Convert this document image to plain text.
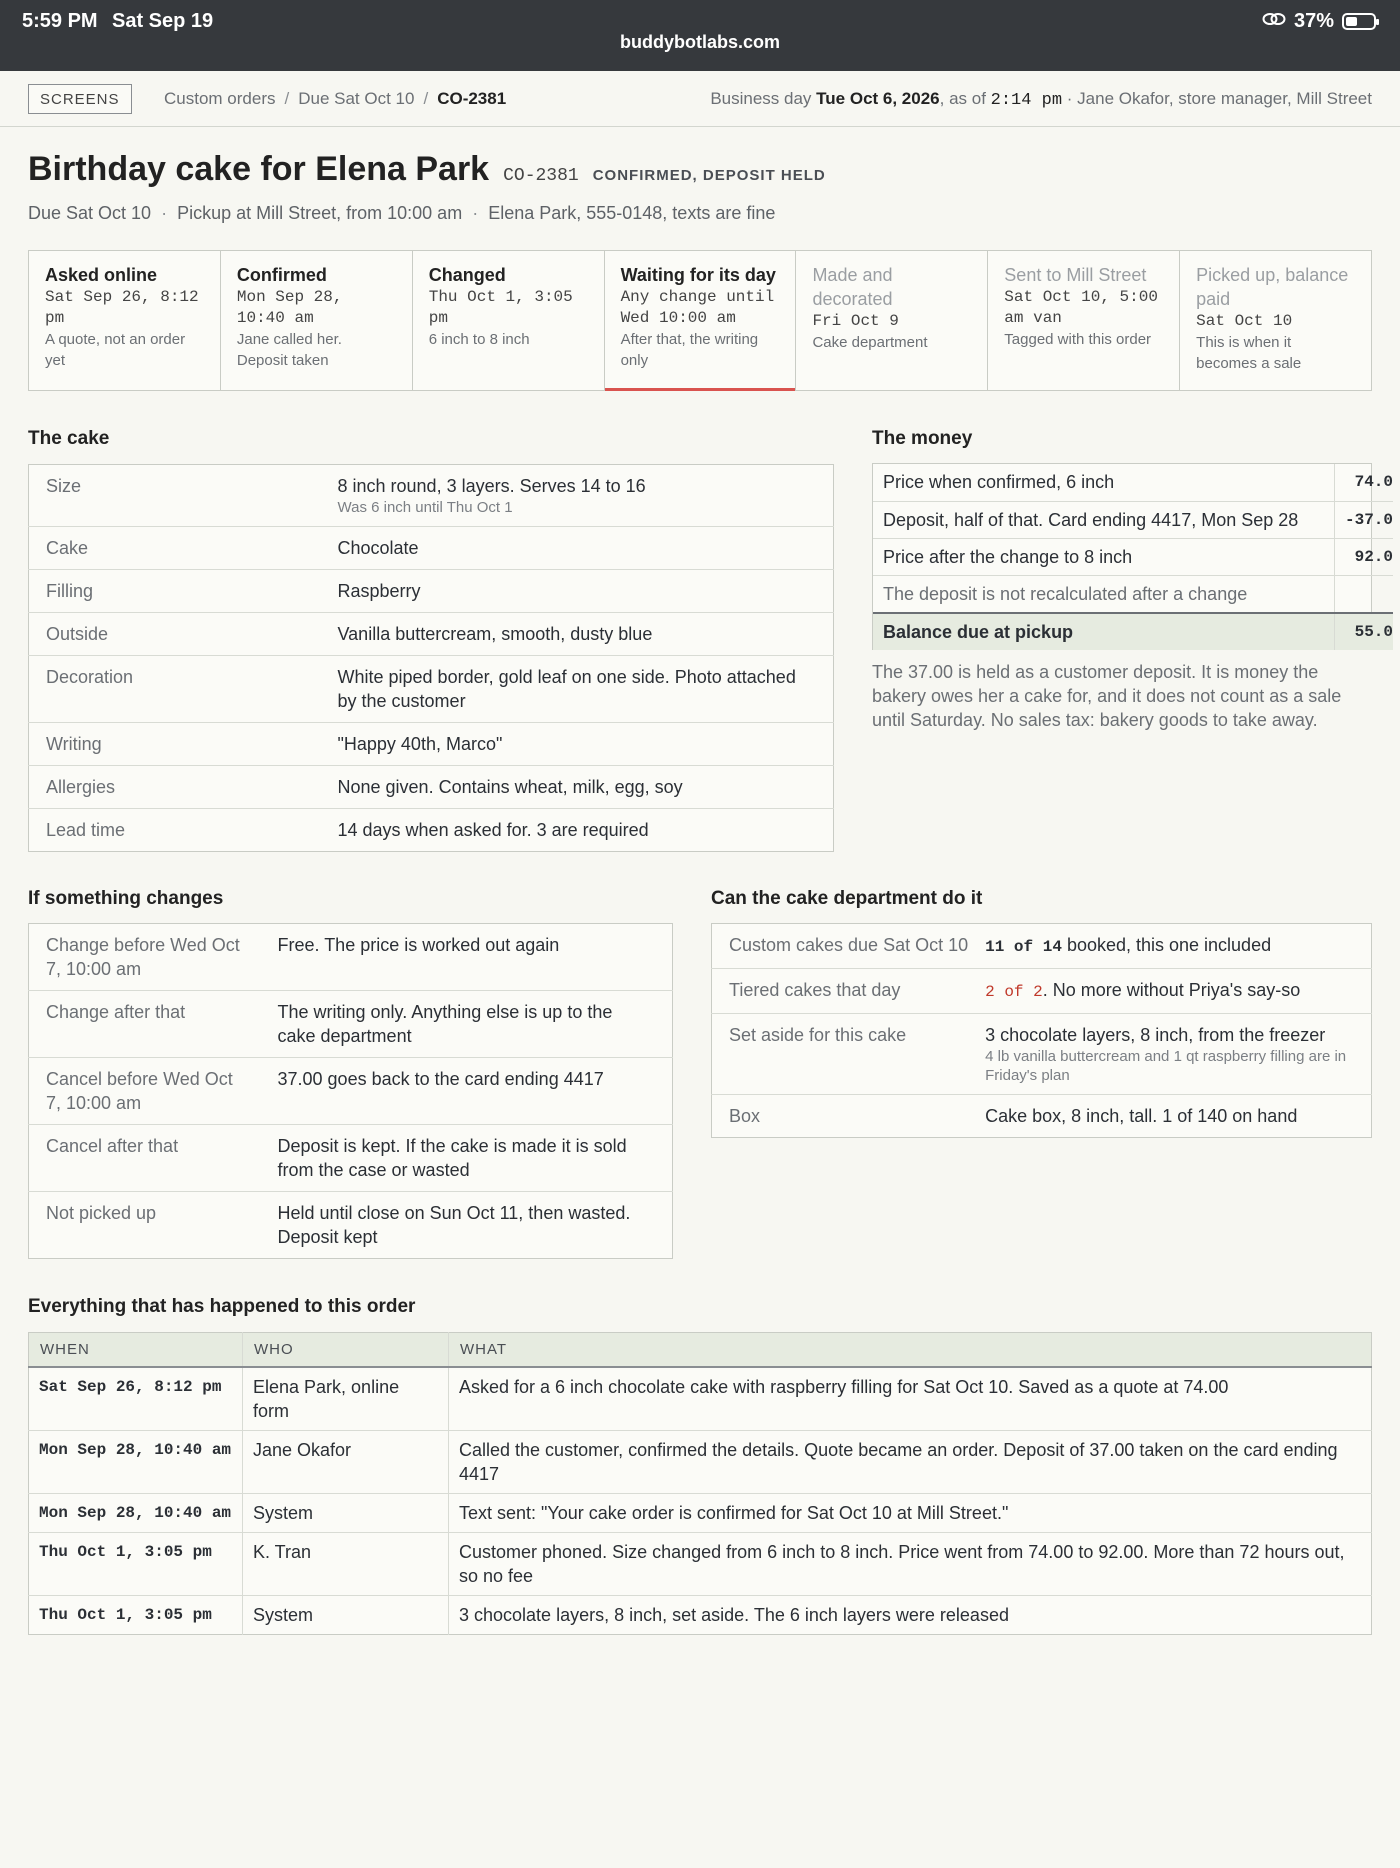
5:59 PM Sat Sep 19
buddybotlabs.com
37%
SCREENS	Custom orders / Due Sat Oct 10 / CO-2381	Business day Tue Oct 6, 2026, as of 2:14 pm · Jane Okafor, store manager, Mill Street
Birthday cake for Elena Park CO-2381 CONFIRMED, DEPOSIT HELD
Due Sat Oct 10 · Pickup at Mill Street, from 10:00 am · Elena Park, 555-0148, texts are fine
Asked online
Sat Sep 26, 8:12 pm
A quote, not an order yet
Confirmed
Mon Sep 28, 10:40 am
Jane called her. Deposit taken
Changed
Thu Oct 1, 3:05 pm
6 inch to 8 inch
Waiting for its day
Any change until Wed 10:00 am
After that, the writing only
Made and decorated
Fri Oct 9
Cake department
Sent to Mill Street
Sat Oct 10, 5:00 am van
Tagged with this order
Picked up, balance paid
Sat Oct 10
This is when it becomes a sale
The cake
Size	8 inch round, 3 layers. Serves 14 to 16
Was 6 inch until Thu Oct 1

Cake	Chocolate
Filling	Raspberry
Outside	Vanilla buttercream, smooth, dusty blue
Decoration	White piped border, gold leaf on one side. Photo attached by the customer
Writing	"Happy 40th, Marco"
Allergies	None given. Contains wheat, milk, egg, soy
Lead time	14 days when asked for. 3 are required
The money
Price when confirmed, 6 inch	74.0
Deposit, half of that. Card ending 4417, Mon Sep 28	-37.0
Price after the change to 8 inch	92.0
The deposit is not recalculated after a change	
Balance due at pickup	55.0
The 37.00 is held as a customer deposit. It is money the bakery owes her a cake for, and it does not count as a sale until Saturday. No sales tax: bakery goods to take away.
If something changes
Change before Wed Oct 7, 10:00 am	Free. The price is worked out again
Change after that	The writing only. Anything else is up to the cake department
Cancel before Wed Oct 7, 10:00 am	37.00 goes back to the card ending 4417
Cancel after that	Deposit is kept. If the cake is made it is sold from the case or wasted
Not picked up	Held until close on Sun Oct 11, then wasted. Deposit kept
Can the cake department do it
Custom cakes due Sat Oct 10	11 of 14 booked, this one included
Tiered cakes that day	2 of 2. No more without Priya's say-so
Set aside for this cake	3 chocolate layers, 8 inch, from the freezer
4 lb vanilla buttercream and 1 qt raspberry filling are in Friday's plan

Box	Cake box, 8 inch, tall. 1 of 140 on hand
Everything that has happened to this order
WHEN	WHO	WHAT
Sat Sep 26, 8:12 pm	Elena Park, online form	Asked for a 6 inch chocolate cake with raspberry filling for Sat Oct 10. Saved as a quote at 74.00
Mon Sep 28, 10:40 am	Jane Okafor	Called the customer, confirmed the details. Quote became an order. Deposit of 37.00 taken on the card ending 4417
Mon Sep 28, 10:40 am	System	Text sent: "Your cake order is confirmed for Sat Oct 10 at Mill Street."
Thu Oct 1, 3:05 pm	K. Tran	Customer phoned. Size changed from 6 inch to 8 inch. Price went from 74.00 to 92.00. More than 72 hours out, so no fee
Thu Oct 1, 3:05 pm	System	3 chocolate layers, 8 inch, set aside. The 6 inch layers were released
